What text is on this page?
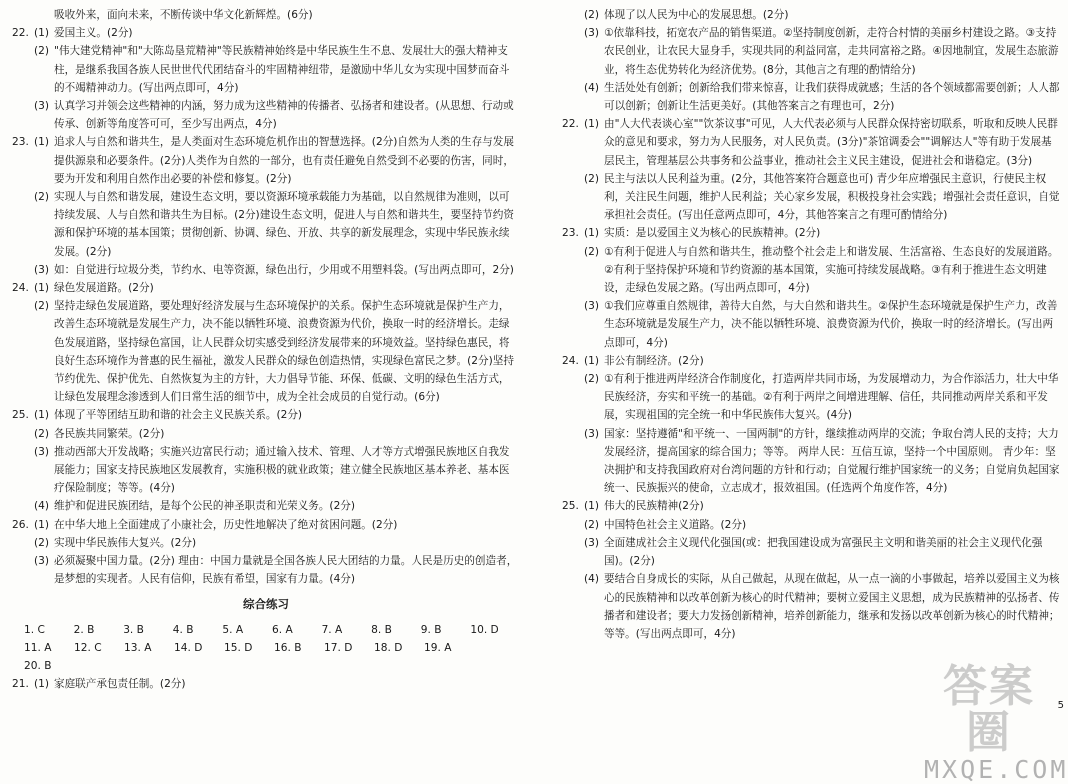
吸收外来，面向未来，不断传谈中华文化新辉煌。(6分)
22. (1) 爱国主义。(2分)
(2) "伟大建党精神"和"大陈岛垦荒精神"等民族精神始终是中华民族生生不息、发展壮大的强大精神支柱，是继系我国各族人民世世代代团结奋斗的牢固精神纽带，是激励中华儿女为实现中国梦而奋斗的不竭精神动力。(写出两点即可，4分)
(3) 认真学习并领会这些精神的内涵，努力成为这些精神的传播者、弘扬者和建设者。(从思想、行动或传承、创新等角度答可可，至少写出两点，4分)
23. (1) 追求人与自然和谐共生，是人类面对生态环境危机作出的智慧选择。(2分)自然为人类的生存与发展提供源泉和必要条件。(2分)人类作为自然的一部分，也有责任避免自然受到不必要的伤害，同时，要为开发和利用自然作出必要的补偿和修复。(2分)
(2) 实现人与自然和谐发展，建设生态文明，要以资源环境承载能力为基础，以自然规律为准则，以可持续发展、人与自然和谐共生为目标。(2分)建设生态文明，促进人与自然和谐共生，要坚持节约资源和保护环境的基本国策；贯彻创新、协调、绿色、开放、共享的新发展理念，实现中华民族永续发展。(2分)
(3) 如：自觉进行垃圾分类，节约水、电等资源，绿色出行，少用或不用塑料袋。(写出两点即可，2分)
24. (1) 绿色发展道路。(2分)
(2) 坚持走绿色发展道路，要处理好经济发展与生态环境保护的关系。保护生态环境就是保护生产力，改善生态环境就是发展生产力，决不能以牺牲环境、浪费资源为代价，换取一时的经济增长。走绿色发展道路，坚持绿色富国，让人民群众切实感受到经济发展带来的环境效益。坚持绿色惠民，将良好生态环境作为普惠的民生福祉，激发人民群众的绿色创造热情，实现绿色富民之梦。(2分)坚持节约优先、保护优先、自然恢复为主的方针，大力倡导节能、环保、低碳、文明的绿色生活方式，让绿色发展理念渗透到人们日常生活的细节中，成为全社会成员的自觉行动。(6分)
25. (1) 体现了平等团结互助和谐的社会主义民族关系。(2分)
(2) 各民族共同繁荣。(2分)
(3) 推动西部大开发战略；实施兴边富民行动；通过输入技术、管理、人才等方式增强民族地区自我发展能力；国家支持民族地区发展教育，实施积极的就业政策；建立健全民族地区基本养老、基本医疗保险制度；等等。(4分)
(4) 维护和促进民族团结，是每个公民的神圣职责和光荣义务。(2分)
26. (1) 在中华大地上全面建成了小康社会，历史性地解决了绝对贫困问题。(2分)
(2) 实现中华民族伟大复兴。(2分)
(3) 必须凝聚中国力量。(2分) 理由：中国力量就是全国各族人民大团结的力量。人民是历史的创造者，是梦想的实现者。人民有信仰，民族有希望，国家有力量。(4分)
综合练习
1. C	2. B	3. B	4. B	5. A	6. A	7. A	8. B	9. B	10. D
11. A	12. C	13. A	14. D	15. D	16. B	17. D	18. D	19. A
20. B
21. (1) 家庭联产承包责任制。(2分)
(2) 体现了以人民为中心的发展思想。(2分)
(3) ①依靠科技，拓宽农产品的销售渠道。②坚持制度创新，走符合村情的美丽乡村建设之路。③支持农民创业，让农民大显身手，实现共同的利益同富，走共同富裕之路。④因地制宜，发展生态旅游业，将生态优势转化为经济优势。(8分，其他言之有理的酌情给分)
(4) 生活处处有创新；创新给我们带来惊喜，让我们获得成就感；生活的各个领域都需要创新；人人都可以创新；创新让生活更美好。(其他答案言之有理也可，2分)
22. (1) 由"人大代表谈心室""饮茶议事"可见，人大代表必须与人民群众保持密切联系，听取和反映人民群众的意见和要求，努力为人民服务，对人民负责。(3分)"茶馆调委会""调解达人"等有助于发展基层民主，管理基层公共事务和公益事业，推动社会主义民主建设，促进社会和谐稳定。(3分)
(2) 民主与法以人民利益为重。(2分，其他答案符合题意也可) 青少年应增强民主意识，行使民主权利，关注民生问题，维护人民利益；关心家乡发展，积极投身社会实践；增强社会责任意识，自觉承担社会责任。(写出任意两点即可，4分，其他答案言之有理可酌情给分)
23. (1) 实质：是以爱国主义为核心的民族精神。(2分)
(2) ①有利于促进人与自然和谐共生，推动整个社会走上和谐发展、生活富裕、生态良好的发展道路。②有利于坚持保护环境和节约资源的基本国策，实施可持续发展战略。③有利于推进生态文明建设，走绿色发展之路。(写出两点即可，4分)
(3) ①我们应尊重自然规律，善待大自然，与大自然和谐共生。②保护生态环境就是保护生产力，改善生态环境就是发展生产力，决不能以牺牲环境、浪费资源为代价，换取一时的经济增长。(写出两点即可，4分)
24. (1) 非公有制经济。(2分)
(2) ①有利于推进两岸经济合作制度化，打造两岸共同市场，为发展增动力，为合作添活力，壮大中华民族经济，夯实和平统一的基础。②有利于两岸之间增进理解、信任，共同推动两岸关系和平发展，实现祖国的完全统一和中华民族伟大复兴。(4分)
(3) 国家：坚持遵循"和平统一、一国两制"的方针，继续推动两岸的交流；争取台湾人民的支持；大力发展经济，提高国家的综合国力；等等。 两岸人民：互信互谅，坚持一个中国原则。 青少年：坚决拥护和支持我国政府对台湾问题的方针和行动；自觉履行维护国家统一的义务；自觉肩负起国家统一、民族振兴的使命，立志成才，报效祖国。(任选两个角度作答，4分)
25. (1) 伟大的民族精神(2分)
(2) 中国特色社会主义道路。(2分)
(3) 全面建成社会主义现代化强国(或：把我国建设成为富强民主文明和谐美丽的社会主义现代化强国)。(2分)
(4) 要结合自身成长的实际，从自己做起，从现在做起，从一点一滴的小事做起，培养以爱国主义为核心的民族精神和以改革创新为核心的时代精神；要树立爱国主义思想，成为民族精神的弘扬者、传播者和建设者；要大力发扬创新精神，培养创新能力，继承和发扬以改革创新为核心的时代精神；等等。(写出两点即可，4分)
答案圈
MXQE.COM
5
